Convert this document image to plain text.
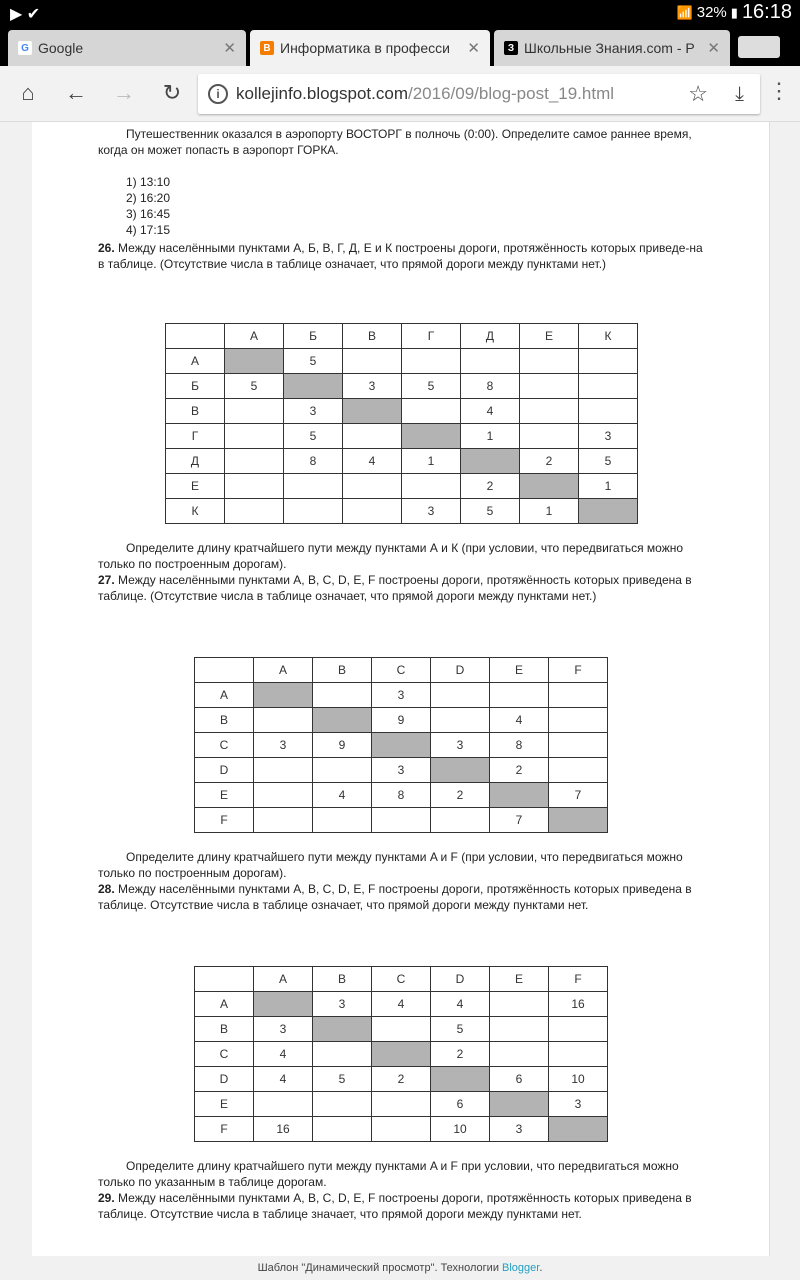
▶ ✔	📶 32% ▮ 16:18
G Google	✕	B Информатика в професси	✕	З Школьные Знания.com - Р ✕
⌂	← → ↻	i kollejinfo.blogspot.com /2016/09/blog-post_19.html	☆ ⤓ ⋮

Путешественник оказался в аэропорту ВОСТОРГ в полночь (0:00). Определите самое раннее время, когда он может попасть в аэропорт ГОРКА.

1) 13:10

2) 16:20

3) 16:45

4) 17:15

26. Между населёнными пунктами А, Б, В, Г, Д, Е и К построены дороги, протяжённость которых приведе-на в таблице. (Отсутствие числа в таблице означает, что прямой дороги между пунктами нет.)

	А	Б	В	Г	Д	Е	К
А		5					
Б	5		3	5	8		
В		3			4		
Г		5			1		3
Д		8	4	1		2	5
Е					2		1
К				3	5	1	

Определите длину кратчайшего пути между пунктами А и К (при условии, что передвигаться можно только по построенным дорогам).

27. Между населёнными пунктами A, B, C, D, E, F построены дороги, протяжённость которых приведена в таблице. (Отсутствие числа в таблице означает, что прямой дороги между пунктами нет.)

	A	B	C	D	E	F
A			3			
B			9		4	
C	3	9		3	8	
D			3		2	
E		4	8	2		7
F					7	

Определите длину кратчайшего пути между пунктами A и F (при условии, что передвигаться можно только по построенным дорогам).

28. Между населёнными пунктами A, B, C, D, E, F построены дороги, протяжённость которых приведена в таблице. Отсутствие числа в таблице означает, что прямой дороги между пунктами нет.

	A	B	C	D	E	F
A		3	4	4		16
B	3			5		
C	4			2		
D	4	5	2		6	10
E				6		3
F	16			10	3	

Определите длину кратчайшего пути между пунктами A и F при условии, что передвигаться можно только по указанным в таблице дорогам.

29. Между населёнными пунктами A, B, C, D, E, F построены дороги, протяжённость которых приведена в таблице. Отсутствие числа в таблице значает, что прямой дороги между пунктами нет.

Шаблон "Динамический просмотр". Технологии Blogger.
